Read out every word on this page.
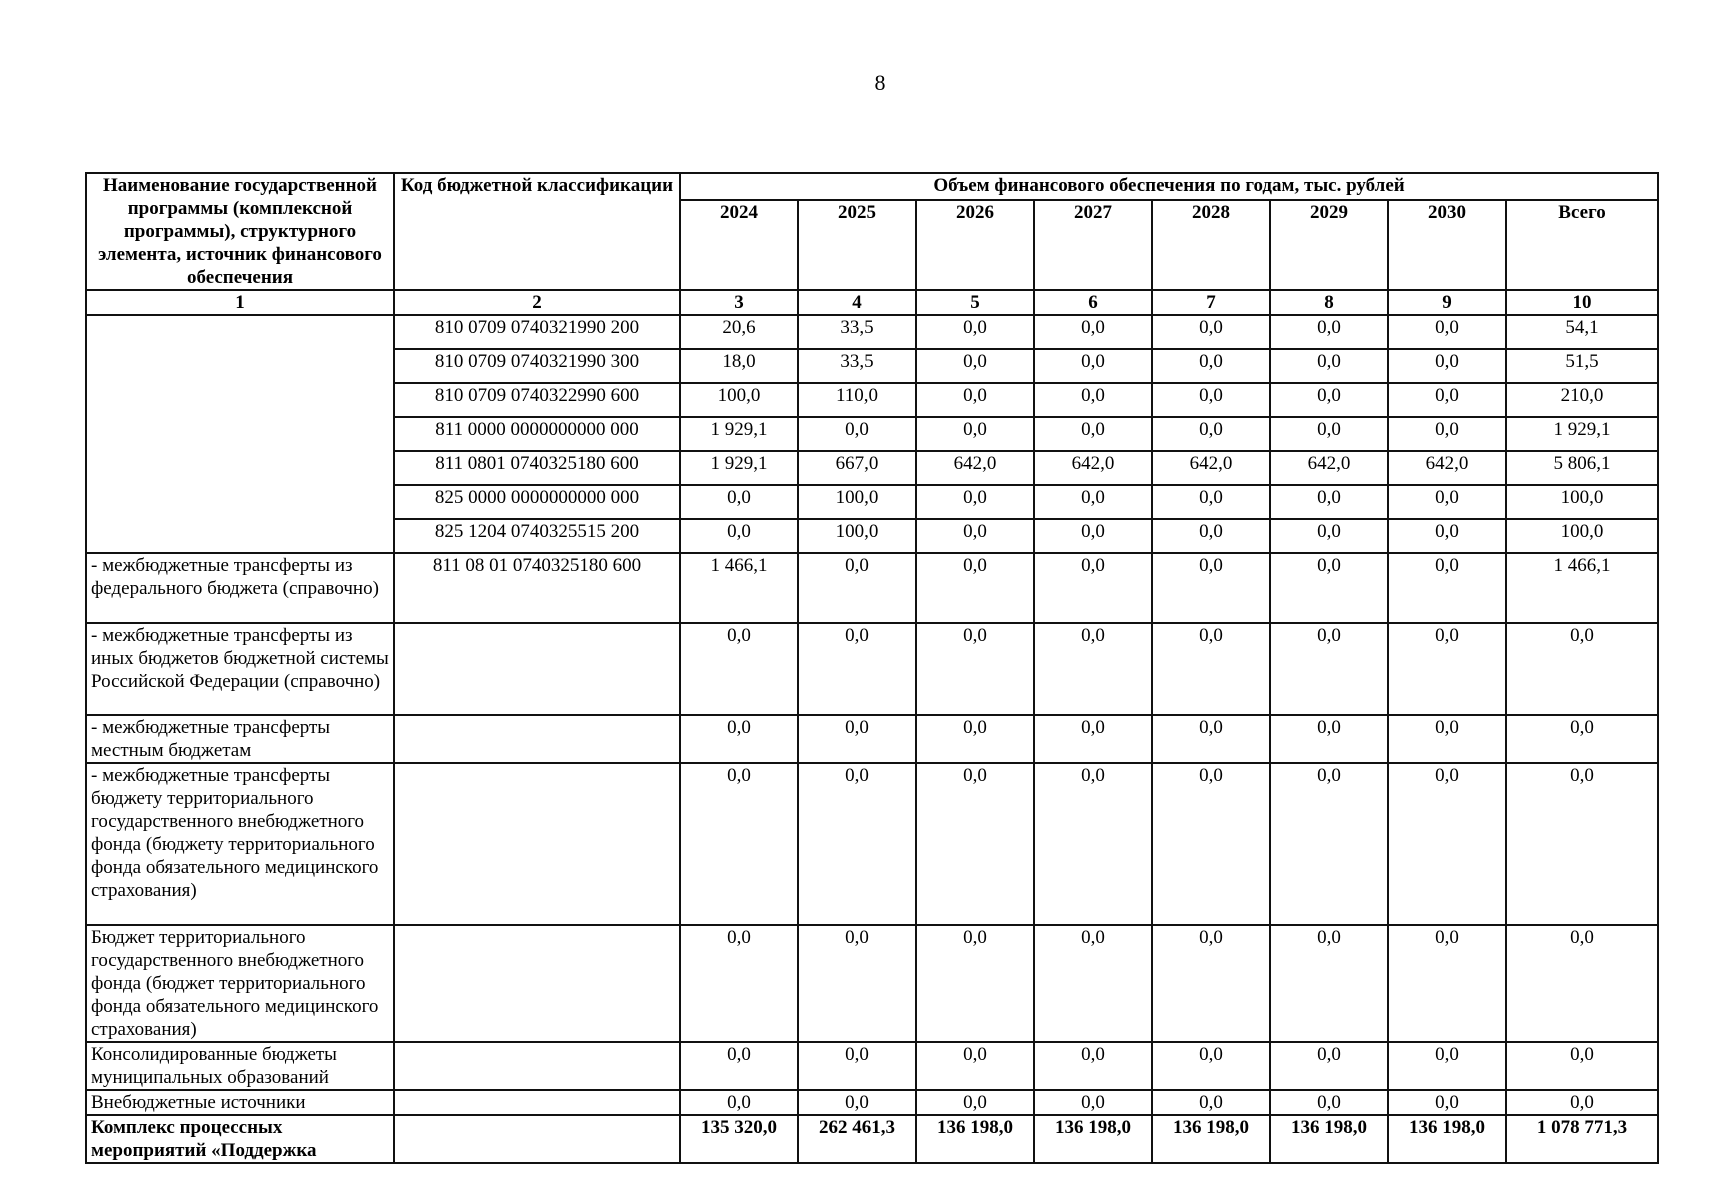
8
Наименование государственной программы (комплексной программы), структурного элемента, источник финансового обеспечения	Код бюджетной классификации	Объем финансового обеспечения по годам, тыс. рублей							
		2024	2025	2026	2027	2028	2029	2030	Всего
1	2	3	4	5	6	7	8	9	10
	810 0709 0740321990 200	20,6	33,5	0,0	0,0	0,0	0,0	0,0	54,1
	810 0709 0740321990 300	18,0	33,5	0,0	0,0	0,0	0,0	0,0	51,5
	810 0709 0740322990 600	100,0	110,0	0,0	0,0	0,0	0,0	0,0	210,0
	811 0000 0000000000 000	1 929,1	0,0	0,0	0,0	0,0	0,0	0,0	1 929,1
	811 0801 0740325180 600	1 929,1	667,0	642,0	642,0	642,0	642,0	642,0	5 806,1
	825 0000 0000000000 000	0,0	100,0	0,0	0,0	0,0	0,0	0,0	100,0
	825 1204 0740325515 200	0,0	100,0	0,0	0,0	0,0	0,0	0,0	100,0
- межбюджетные трансферты из федерального бюджета (справочно)	811 08 01 0740325180 600	1 466,1	0,0	0,0	0,0	0,0	0,0	0,0	1 466,1
- межбюджетные трансферты из иных бюджетов бюджетной системы Российской Федерации (справочно)		0,0	0,0	0,0	0,0	0,0	0,0	0,0	0,0
- межбюджетные трансферты местным бюджетам		0,0	0,0	0,0	0,0	0,0	0,0	0,0	0,0
- межбюджетные трансферты бюджету территориального государственного внебюджетного фонда (бюджету территориального фонда обязательного медицинского страхования)		0,0	0,0	0,0	0,0	0,0	0,0	0,0	0,0
Бюджет территориального государственного внебюджетного фонда (бюджет территориального фонда обязательного медицинского страхования)		0,0	0,0	0,0	0,0	0,0	0,0	0,0	0,0
Консолидированные бюджеты муниципальных образований		0,0	0,0	0,0	0,0	0,0	0,0	0,0	0,0
Внебюджетные источники		0,0	0,0	0,0	0,0	0,0	0,0	0,0	0,0
Комплекс процессных мероприятий «Поддержка		135 320,0	262 461,3	136 198,0	136 198,0	136 198,0	136 198,0	136 198,0	1 078 771,3
